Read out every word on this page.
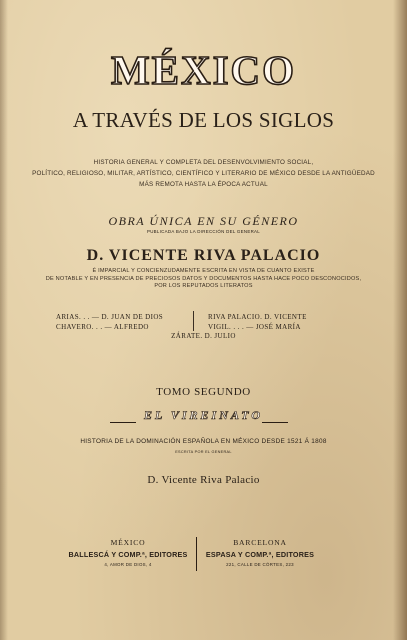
MÉXICO
A TRAVÉS DE LOS SIGLOS
HISTORIA GENERAL Y COMPLETA DEL DESENVOLVIMIENTO SOCIAL,
POLÍTICO, RELIGIOSO, MILITAR, ARTÍSTICO, CIENTÍFICO Y LITERARIO DE MÉXICO DESDE LA ANTIGÜEDAD
MÁS REMOTA HASTA LA ÉPOCA ACTUAL
OBRA ÚNICA EN SU GÉNERO
PUBLICADA BAJO LA DIRECCIÓN DEL GENERAL
D. VICENTE RIVA PALACIO
É IMPARCIAL Y CONCIENZUDAMENTE ESCRITA EN VISTA DE CUANTO EXISTE
DE NOTABLE Y EN PRESENCIA DE PRECIOSOS DATOS Y DOCUMENTOS HASTA HACE POCO DESCONOCIDOS,
POR LOS REPUTADOS LITERATOS
ARIAS. . . — D. JUAN DE DIOS
CHAVERO. . . — ALFREDO
RIVA PALACIO. D. VICENTE
VIGIL. . . . — JOSÉ MARÍA
ZÁRATE. D. JULIO
TOMO SEGUNDO
EL VIREINATO
HISTORIA DE LA DOMINACIÓN ESPAÑOLA EN MÉXICO DESDE 1521 Á 1808
ESCRITA POR EL GENERAL
D. Vicente Riva Palacio
MÉXICO
BALLESCÁ Y COMP.ª, EDITORES
4, AMOR DE DIOS, 4
BARCELONA
ESPASA Y COMP.ª, EDITORES
221, CALLE DE CÓRTES, 223
